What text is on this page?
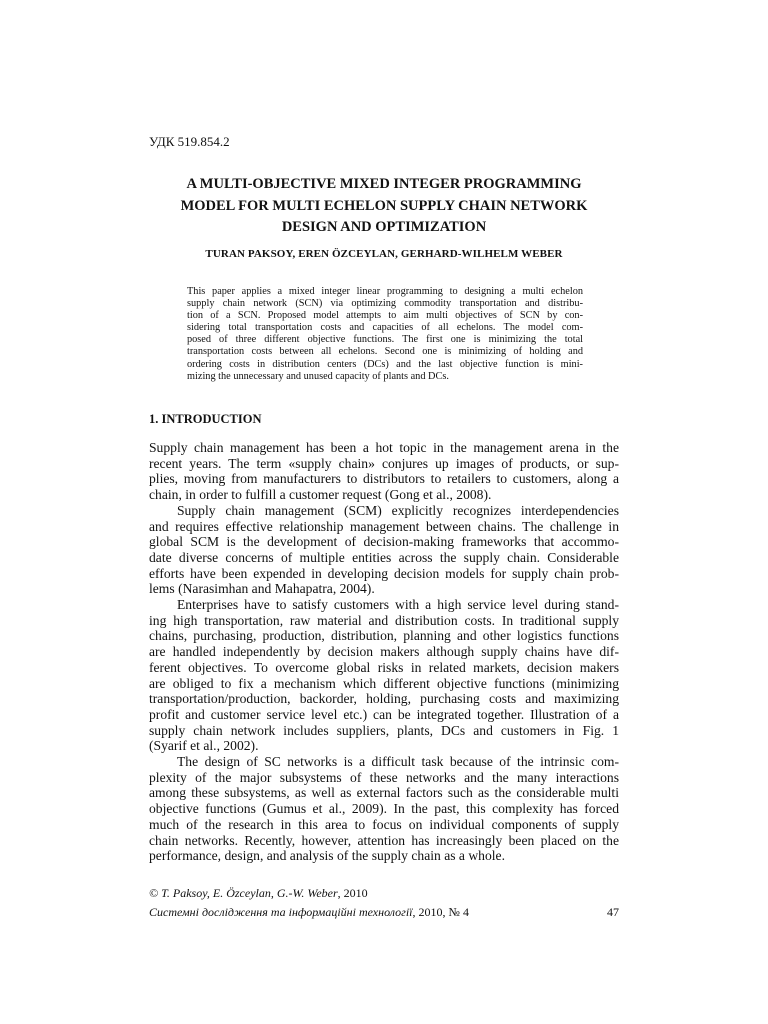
УДК 519.854.2
A MULTI-OBJECTIVE MIXED INTEGER PROGRAMMING
MODEL FOR MULTI ECHELON SUPPLY CHAIN NETWORK
DESIGN AND OPTIMIZATION
TURAN PAKSOY, EREN ÖZCEYLAN, GERHARD-WILHELM WEBER
This paper applies a mixed integer linear programming to designing a multi echelon
supply chain network (SCN) via optimizing commodity transportation and distribu-
tion of a SCN. Proposed model attempts to aim multi objectives of SCN by con-
sidering total transportation costs and capacities of all echelons. The model com-
posed of three different objective functions. The first one is minimizing the total
transportation costs between all echelons. Second one is minimizing of holding and
ordering costs in distribution centers (DCs) and the last objective function is mini-
mizing the unnecessary and unused capacity of plants and DCs.
1. INTRODUCTION

Supply chain management has been a hot topic in the management arena in the
recent years. The term «supply chain» conjures up images of products, or sup-
plies, moving from manufacturers to distributors to retailers to customers, along a
chain, in order to fulfill a customer request (Gong et al., 2008).

Supply chain management (SCM) explicitly recognizes interdependencies
and requires effective relationship management between chains. The challenge in
global SCM is the development of decision-making frameworks that accommo-
date diverse concerns of multiple entities across the supply chain. Considerable
efforts have been expended in developing decision models for supply chain prob-
lems (Narasimhan and Mahapatra, 2004).

Enterprises have to satisfy customers with a high service level during stand-
ing high transportation, raw material and distribution costs. In traditional supply
chains, purchasing, production, distribution, planning and other logistics functions
are handled independently by decision makers although supply chains have dif-
ferent objectives. To overcome global risks in related markets, decision makers
are obliged to fix a mechanism which different objective functions (minimizing
transportation/production, backorder, holding, purchasing costs and maximizing
profit and customer service level etc.) can be integrated together. Illustration of a
supply chain network includes suppliers, plants, DCs and customers in Fig. 1
(Syarif et al., 2002).

The design of SC networks is a difficult task because of the intrinsic com-
plexity of the major subsystems of these networks and the many interactions
among these subsystems, as well as external factors such as the considerable multi
objective functions (Gumus et al., 2009). In the past, this complexity has forced
much of the research in this area to focus on individual components of supply
chain networks. Recently, however, attention has increasingly been placed on the
performance, design, and analysis of the supply chain as a whole.

© T. Paksoy, E. Özceylan, G.-W. Weber, 2010
Системні дослідження та інформаційні технології, 2010, № 4	47
